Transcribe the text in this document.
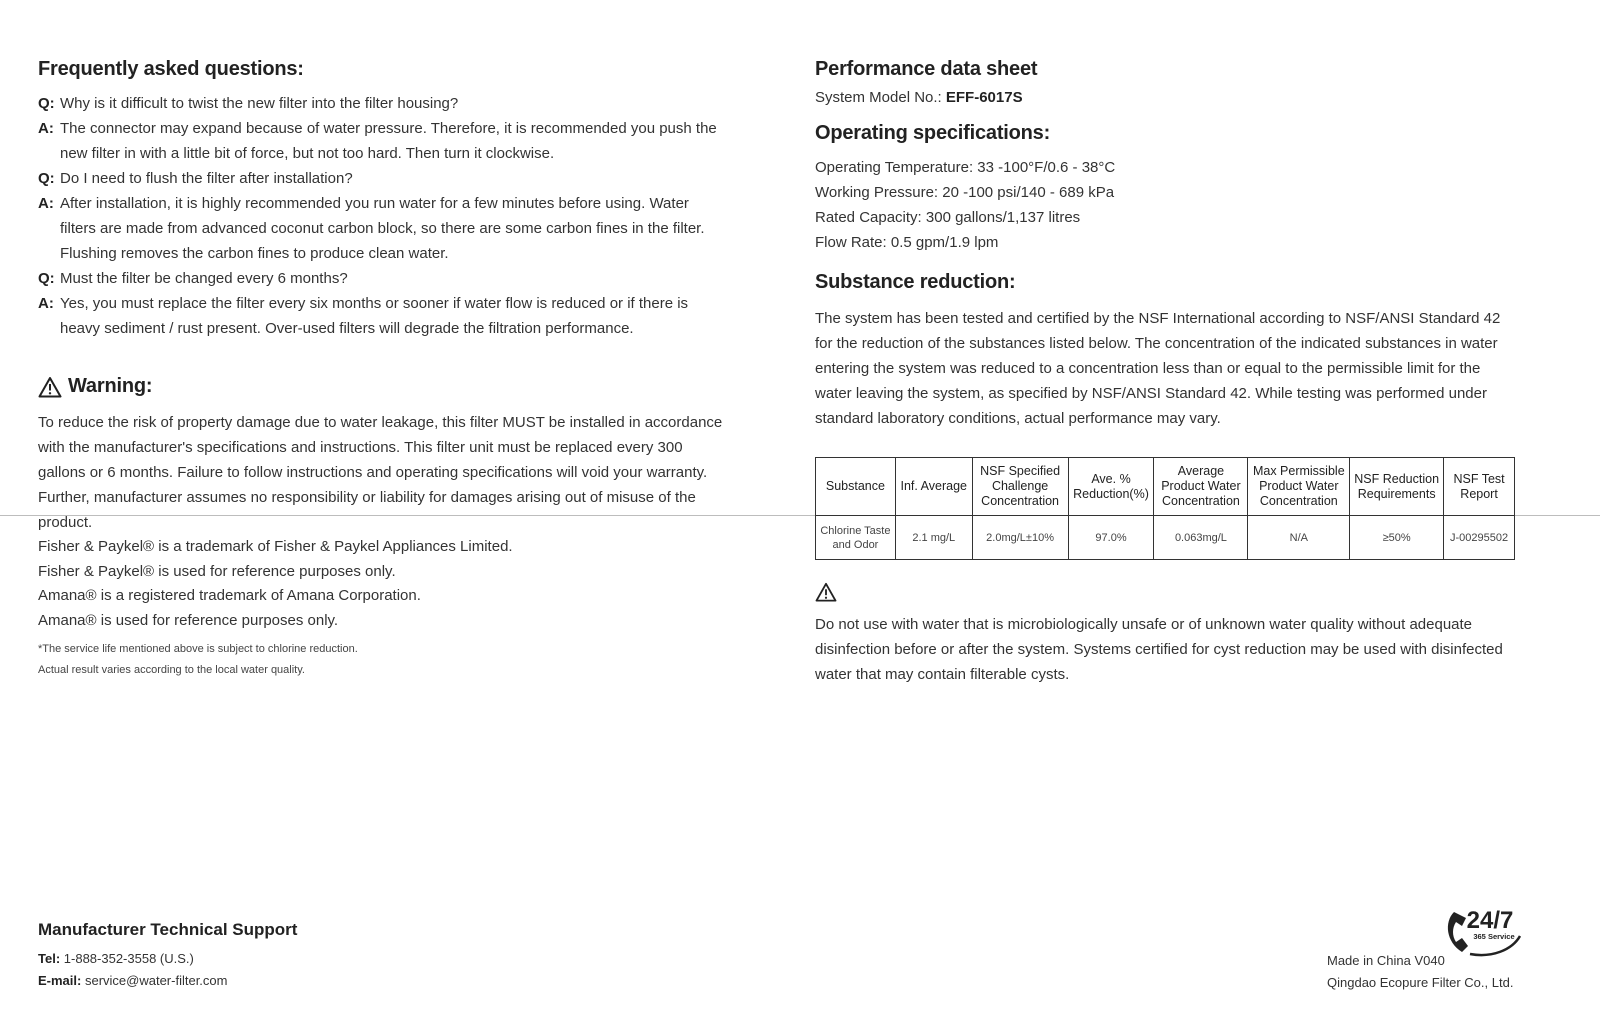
Frequently asked questions:
Q: Why is it difficult to twist the new filter into the filter housing?
A: The connector may expand because of water pressure. Therefore, it is recommended you push the new filter in with a little bit of force, but not too hard. Then turn it clockwise.
Q: Do I need to flush the filter after installation?
A: After installation, it is highly recommended you run water for a few minutes before using. Water filters are made from advanced coconut carbon block, so there are some carbon fines in the filter. Flushing removes the carbon fines to produce clean water.
Q: Must the filter be changed every 6 months?
A: Yes, you must replace the filter every six months or sooner if water flow is reduced or if there is heavy sediment / rust present. Over-used filters will degrade the filtration performance.
Warning:

To reduce the risk of property damage due to water leakage, this filter MUST be installed in accordance with the manufacturer's specifications and instructions. This filter unit must be replaced every 300 gallons or 6 months. Failure to follow instructions and operating specifications will void your warranty. Further, manufacturer assumes no responsibility or liability for damages arising out of misuse of the product.

Fisher & Paykel® is a trademark of Fisher & Paykel Appliances Limited.
Fisher & Paykel® is used for reference purposes only.
Amana® is a registered trademark of Amana Corporation.
Amana® is used for reference purposes only.
*The service life mentioned above is subject to chlorine reduction.
Actual result varies according to the local water quality.
Performance data sheet
System Model No.: EFF-6017S
Operating specifications:
Operating Temperature: 33 -100°F/0.6 - 38°C
Working Pressure: 20 -100 psi/140 - 689 kPa
Rated Capacity: 300 gallons/1,137 litres
Flow Rate: 0.5 gpm/1.9 lpm
Substance reduction:

The system has been tested and certified by the NSF International according to NSF/ANSI Standard 42 for the reduction of the substances listed below. The concentration of the indicated substances in water entering the system was reduced to a concentration less than or equal to the permissible limit for the water leaving the system, as specified by NSF/ANSI Standard 42. While testing was performed under standard laboratory conditions, actual performance may vary.

Substance	Inf. Average	NSF Specified Challenge Concentration	Ave. % Reduction(%)	Average Product Water Concentration	Max Permissible Product Water Concentration	NSF Reduction Requirements	NSF Test Report
Chlorine Taste and Odor	2.1 mg/L	2.0mg/L±10%	97.0%	0.063mg/L	N/A	≥50%	J-00295502

Do not use with water that is microbiologically unsafe or of unknown water quality without adequate disinfection before or after the system. Systems certified for cyst reduction may be used with disinfected water that may contain filterable cysts.

Manufacturer Technical Support
Tel: 1-888-352-3558 (U.S.)
E-mail: service@water-filter.com
24/7
365 Service
Made in China V040
Qingdao Ecopure Filter Co., Ltd.
